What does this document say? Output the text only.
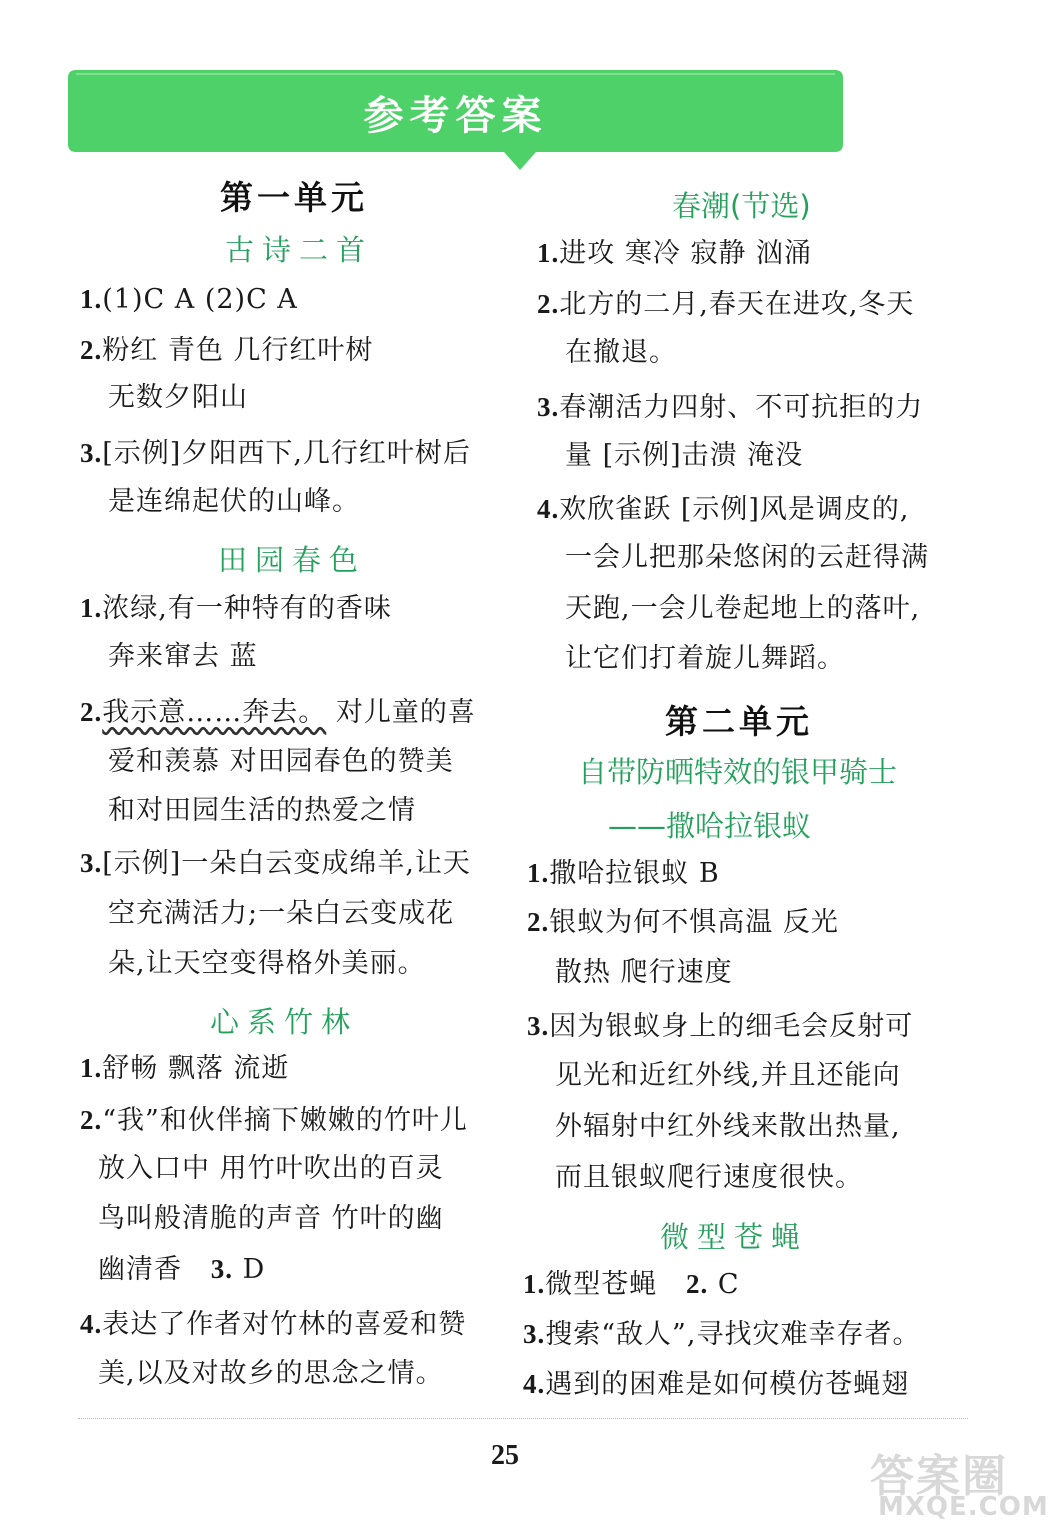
参考答案
第一单元
古诗二首
1.(1)C A (2)C A
2.粉红 青色 几行红叶树
无数夕阳山
3.[示例]夕阳西下,几行红叶树后
是连绵起伏的山峰。
田园春色
1.浓绿,有一种特有的香味
奔来窜去 蓝
2.我示意……奔去。 对儿童的喜
爱和羡慕 对田园春色的赞美
和对田园生活的热爱之情
3.[示例]一朵白云变成绵羊,让天
空充满活力;一朵白云变成花
朵,让天空变得格外美丽。
心系竹林
1.舒畅 飘落 流逝
2.“我”和伙伴摘下嫩嫩的竹叶儿
放入口中 用竹叶吹出的百灵
鸟叫般清脆的声音 竹叶的幽
幽清香 3. D
4.表达了作者对竹林的喜爱和赞
美,以及对故乡的思念之情。
春潮(节选)
1.进攻 寒冷 寂静 汹涌
2.北方的二月,春天在进攻,冬天
在撤退。
3.春潮活力四射、不可抗拒的力
量 [示例]击溃 淹没
4.欢欣雀跃 [示例]风是调皮的,
一会儿把那朵悠闲的云赶得满
天跑,一会儿卷起地上的落叶,
让它们打着旋儿舞蹈。
第二单元
自带防晒特效的银甲骑士
——撒哈拉银蚁
1.撒哈拉银蚁 B
2.银蚁为何不惧高温 反光
散热 爬行速度
3.因为银蚁身上的细毛会反射可
见光和近红外线,并且还能向
外辐射中红外线来散出热量,
而且银蚁爬行速度很快。
微型苍蝇
1.微型苍蝇 2. C
3.搜索“敌人”,寻找灾难幸存者。
4.遇到的困难是如何模仿苍蝇翅
25	答案圈
MXQE.COM
